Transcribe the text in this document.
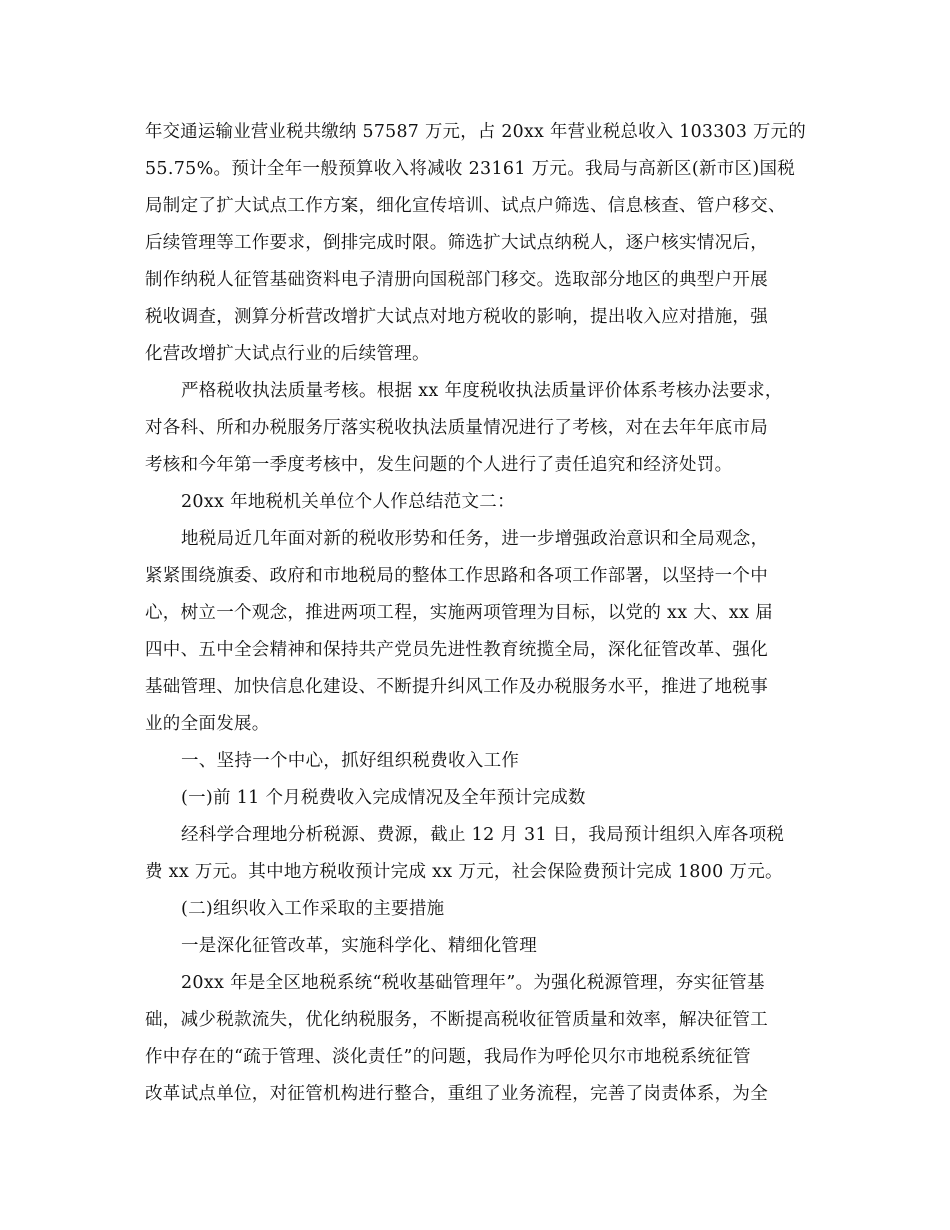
年交通运输业营业税共缴纳 57587 万元，占 20xx 年营业税总收入 103303 万元的
55.75%。预计全年一般预算收入将减收 23161 万元。我局与高新区(新市区)国税
局制定了扩大试点工作方案，细化宣传培训、试点户筛选、信息核查、管户移交、
后续管理等工作要求，倒排完成时限。筛选扩大试点纳税人，逐户核实情况后，
制作纳税人征管基础资料电子清册向国税部门移交。选取部分地区的典型户开展
税收调查，测算分析营改增扩大试点对地方税收的影响，提出收入应对措施，强
化营改增扩大试点行业的后续管理。
严格税收执法质量考核。根据 xx 年度税收执法质量评价体系考核办法要求，
对各科、所和办税服务厅落实税收执法质量情况进行了考核，对在去年年底市局
考核和今年第一季度考核中，发生问题的个人进行了责任追究和经济处罚。
20xx 年地税机关单位个人作总结范文二：
地税局近几年面对新的税收形势和任务，进一步增强政治意识和全局观念，
紧紧围绕旗委、政府和市地税局的整体工作思路和各项工作部署，以坚持一个中
心，树立一个观念，推进两项工程，实施两项管理为目标，以党的 xx 大、xx 届
四中、五中全会精神和保持共产党员先进性教育统揽全局，深化征管改革、强化
基础管理、加快信息化建设、不断提升纠风工作及办税服务水平，推进了地税事
业的全面发展。
一、坚持一个中心，抓好组织税费收入工作
(一)前 11 个月税费收入完成情况及全年预计完成数
经科学合理地分析税源、费源，截止 12 月 31 日，我局预计组织入库各项税
费 xx 万元。其中地方税收预计完成 xx 万元，社会保险费预计完成 1800 万元。
(二)组织收入工作采取的主要措施
一是深化征管改革，实施科学化、精细化管理
20xx 年是全区地税系统“税收基础管理年”。为强化税源管理，夯实征管基
础，减少税款流失，优化纳税服务，不断提高税收征管质量和效率，解决征管工
作中存在的“疏于管理、淡化责任”的问题，我局作为呼伦贝尔市地税系统征管
改革试点单位，对征管机构进行整合，重组了业务流程，完善了岗责体系，为全
